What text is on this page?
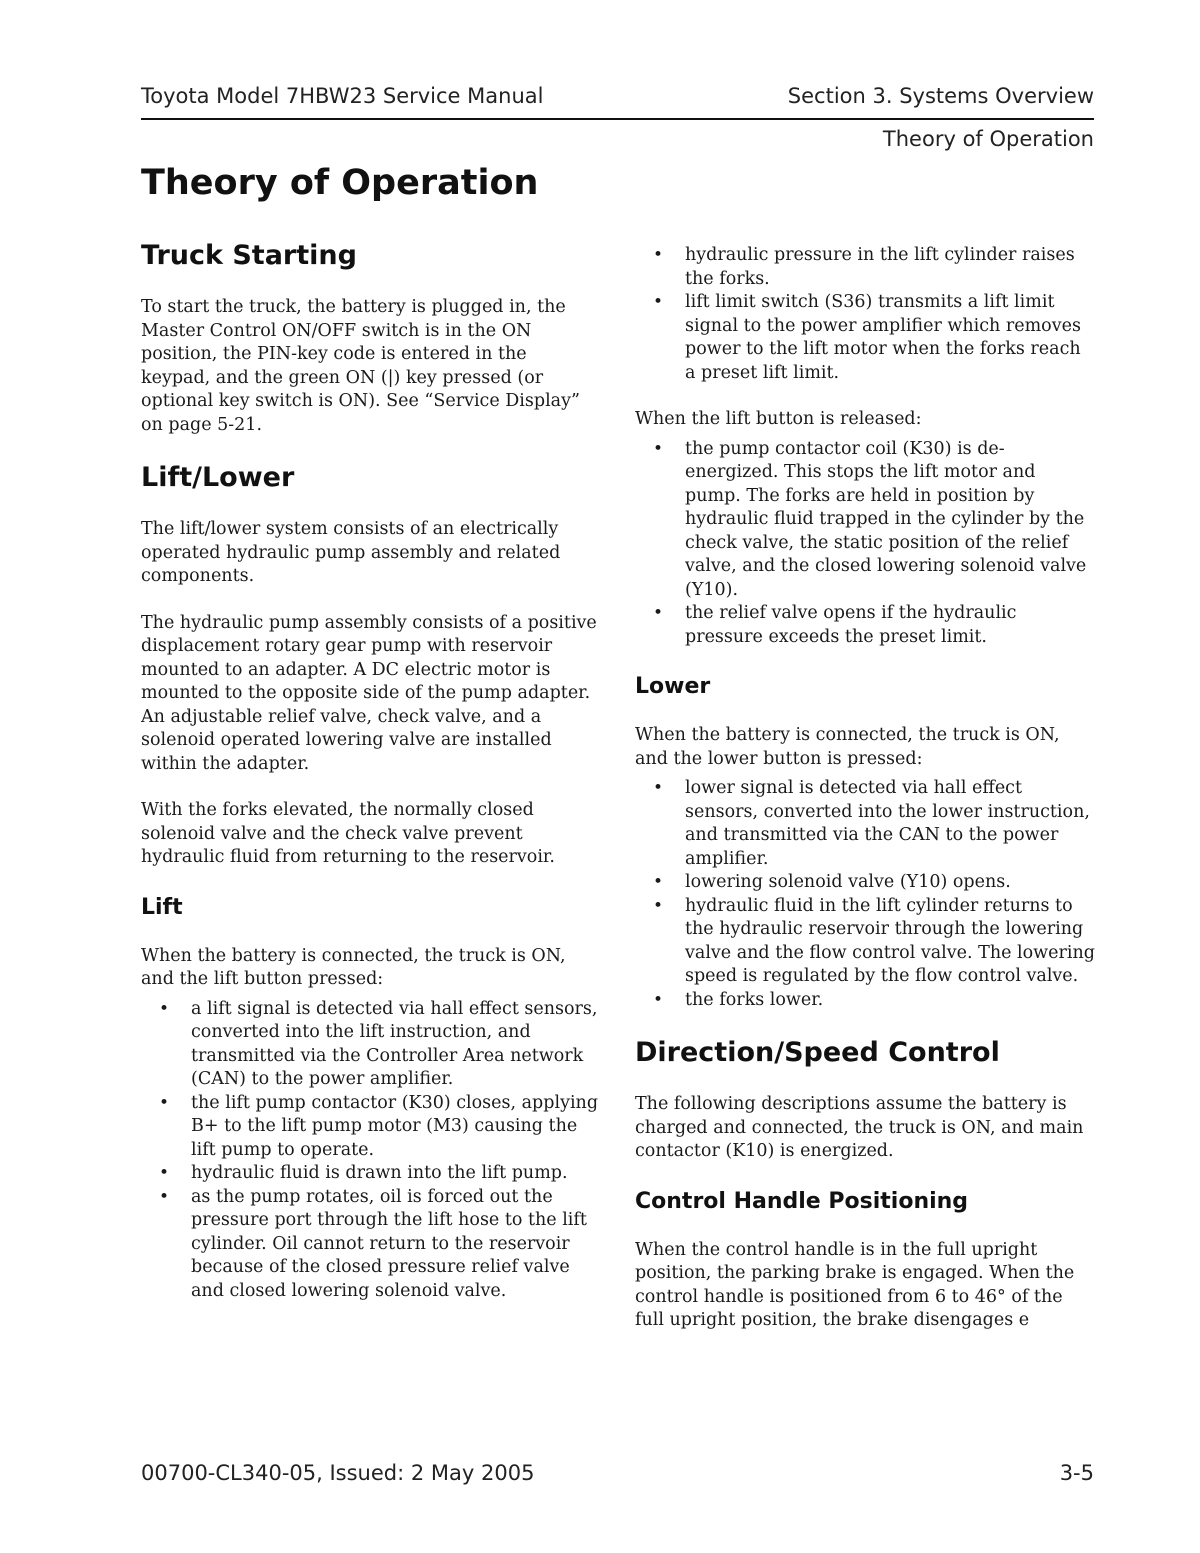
Toyota Model 7HBW23 Service Manual	Section 3. Systems Overview
Theory of Operation
Theory of Operation
Truck Starting

To start the truck, the battery is plugged in, the Master Control ON/OFF switch is in the ON position, the PIN-key code is entered in the keypad, and the green ON (|) key pressed (or optional key switch is ON). See “Service Display” on page 5-21.

Lift/Lower

The lift/lower system consists of an electrically operated hydraulic pump assembly and related components.

The hydraulic pump assembly consists of a positive displacement rotary gear pump with reservoir mounted to an adapter. A DC electric motor is mounted to the opposite side of the pump adapter. An adjustable relief valve, check valve, and a solenoid operated lowering valve are installed within the adapter.

With the forks elevated, the normally closed solenoid valve and the check valve prevent hydraulic fluid from returning to the reservoir.

Lift

When the battery is connected, the truck is ON, and the lift button pressed:

• a lift signal is detected via hall effect sensors, converted into the lift instruction, and transmitted via the Controller Area network (CAN) to the power amplifier.
• the lift pump contactor (K30) closes, applying B+ to the lift pump motor (M3) causing the lift pump to operate.
• hydraulic fluid is drawn into the lift pump.
• as the pump rotates, oil is forced out the pressure port through the lift hose to the lift cylinder. Oil cannot return to the reservoir because of the closed pressure relief valve and closed lowering solenoid valve.
• hydraulic pressure in the lift cylinder raises the forks.
• lift limit switch (S36) transmits a lift limit signal to the power amplifier which removes power to the lift motor when the forks reach a preset lift limit.

When the lift button is released:

• the pump contactor coil (K30) is de-energized. This stops the lift motor and pump. The forks are held in position by hydraulic fluid trapped in the cylinder by the check valve, the static position of the relief valve, and the closed lowering solenoid valve (Y10).
• the relief valve opens if the hydraulic pressure exceeds the preset limit.
Lower

When the battery is connected, the truck is ON, and the lower button is pressed:

• lower signal is detected via hall effect sensors, converted into the lower instruction, and transmitted via the CAN to the power amplifier.
• lowering solenoid valve (Y10) opens.
• hydraulic fluid in the lift cylinder returns to the hydraulic reservoir through the lowering valve and the flow control valve. The lowering speed is regulated by the flow control valve.
• the forks lower.
Direction/Speed Control

The following descriptions assume the battery is charged and connected, the truck is ON, and main contactor (K10) is energized.

Control Handle Positioning

When the control handle is in the full upright position, the parking brake is engaged. When the control handle is positioned from 6 to 46° of the full upright position, the brake disengages e

00700-CL340-05, Issued: 2 May 2005	3-5
